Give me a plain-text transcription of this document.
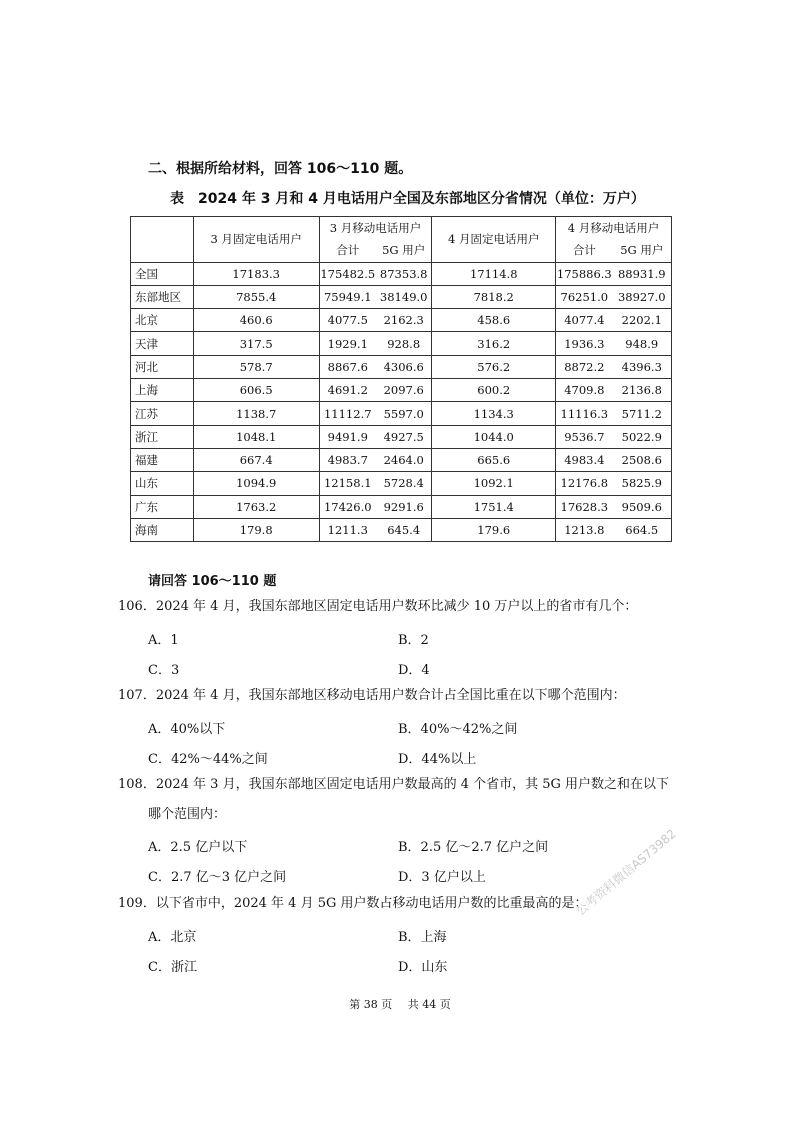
二、根据所给材料，回答 106～110 题。
表　2024 年 3 月和 4 月电话用户全国及东部地区分省情况（单位：万户）
	3 月固定电话用户	3 月移动电话用户		4 月固定电话用户	4 月移动电话用户	
		合计	5G 用户		合计	5G 用户
全国	17183.3	175482.5	87353.8	17114.8	175886.3	88931.9
东部地区	7855.4	75949.1	38149.0	7818.2	76251.0	38927.0
北京	460.6	4077.5	2162.3	458.6	4077.4	2202.1
天津	317.5	1929.1	928.8	316.2	1936.3	948.9
河北	578.7	8867.6	4306.6	576.2	8872.2	4396.3
上海	606.5	4691.2	2097.6	600.2	4709.8	2136.8
江苏	1138.7	11112.7	5597.0	1134.3	11116.3	5711.2
浙江	1048.1	9491.9	4927.5	1044.0	9536.7	5022.9
福建	667.4	4983.7	2464.0	665.6	4983.4	2508.6
山东	1094.9	12158.1	5728.4	1092.1	12176.8	5825.9
广东	1763.2	17426.0	9291.6	1751.4	17628.3	9509.6
海南	179.8	1211.3	645.4	179.6	1213.8	664.5
请回答 106～110 题
106．2024 年 4 月，我国东部地区固定电话用户数环比减少 10 万户以上的省市有几个：
A．1	B．2
C．3	D．4
107．2024 年 4 月，我国东部地区移动电话用户数合计占全国比重在以下哪个范围内：
A．40%以下	B．40%～42%之间
C．42%～44%之间	D．44%以上
108．2024 年 3 月，我国东部地区固定电话用户数最高的 4 个省市，其 5G 用户数之和在以下
哪个范围内：
A．2.5 亿户以下	B．2.5 亿～2.7 亿户之间
C．2.7 亿～3 亿户之间	D．3 亿户以上
109．以下省市中，2024 年 4 月 5G 用户数占移动电话用户数的比重最高的是：
A．北京	B．上海
C．浙江	D．山东
公考资料微信AS73982
第 38 页 共 44 页
